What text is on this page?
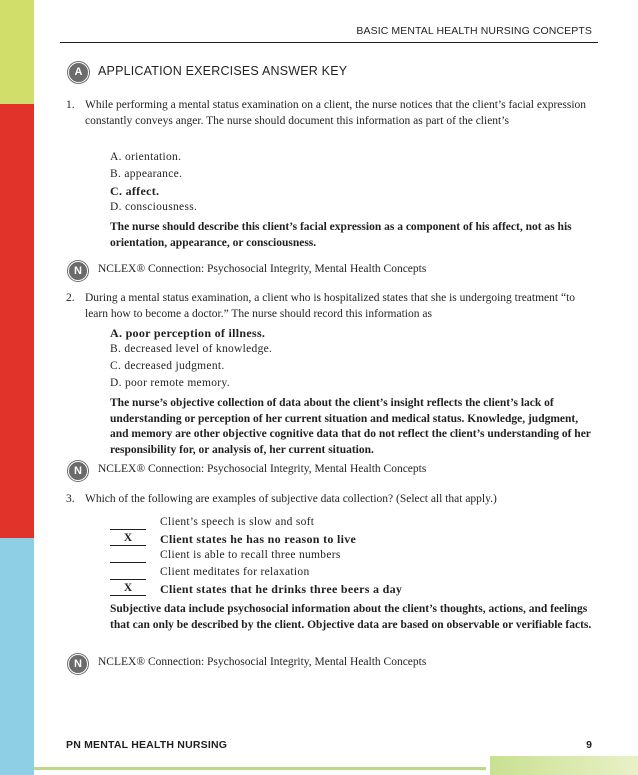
BASIC MENTAL HEALTH NURSING CONCEPTS
A	APPLICATION EXERCISES ANSWER KEY
1. While performing a mental status examination on a client, the nurse notices that the client’s facial expression constantly conveys anger. The nurse should document this information as part of the client’s
A. orientation.
B. appearance.
C. affect.
D. consciousness.
The nurse should describe this client’s facial expression as a component of his affect, not as his orientation, appearance, or consciousness.
N	NCLEX® Connection: Psychosocial Integrity, Mental Health Concepts
2. During a mental status examination, a client who is hospitalized states that she is undergoing treatment “to learn how to become a doctor.” The nurse should record this information as
A. poor perception of illness.
B. decreased level of knowledge.
C. decreased judgment.
D. poor remote memory.
The nurse’s objective collection of data about the client’s insight reflects the client’s lack of understanding or perception of her current situation and medical status. Knowledge, judgment, and memory are other objective cognitive data that do not reflect the client’s understanding of her responsibility for, or analysis of, her current situation.
N	NCLEX® Connection: Psychosocial Integrity, Mental Health Concepts
3. Which of the following are examples of subjective data collection? (Select all that apply.)
Client’s speech is slow and soft
X	Client states he has no reason to live
Client is able to recall three numbers
Client meditates for relaxation
X	Client states that he drinks three beers a day
Subjective data include psychosocial information about the client’s thoughts, actions, and feelings that can only be described by the client. Objective data are based on observable or verifiable facts.
N	NCLEX® Connection: Psychosocial Integrity, Mental Health Concepts
PN MENTAL HEALTH NURSING	9
